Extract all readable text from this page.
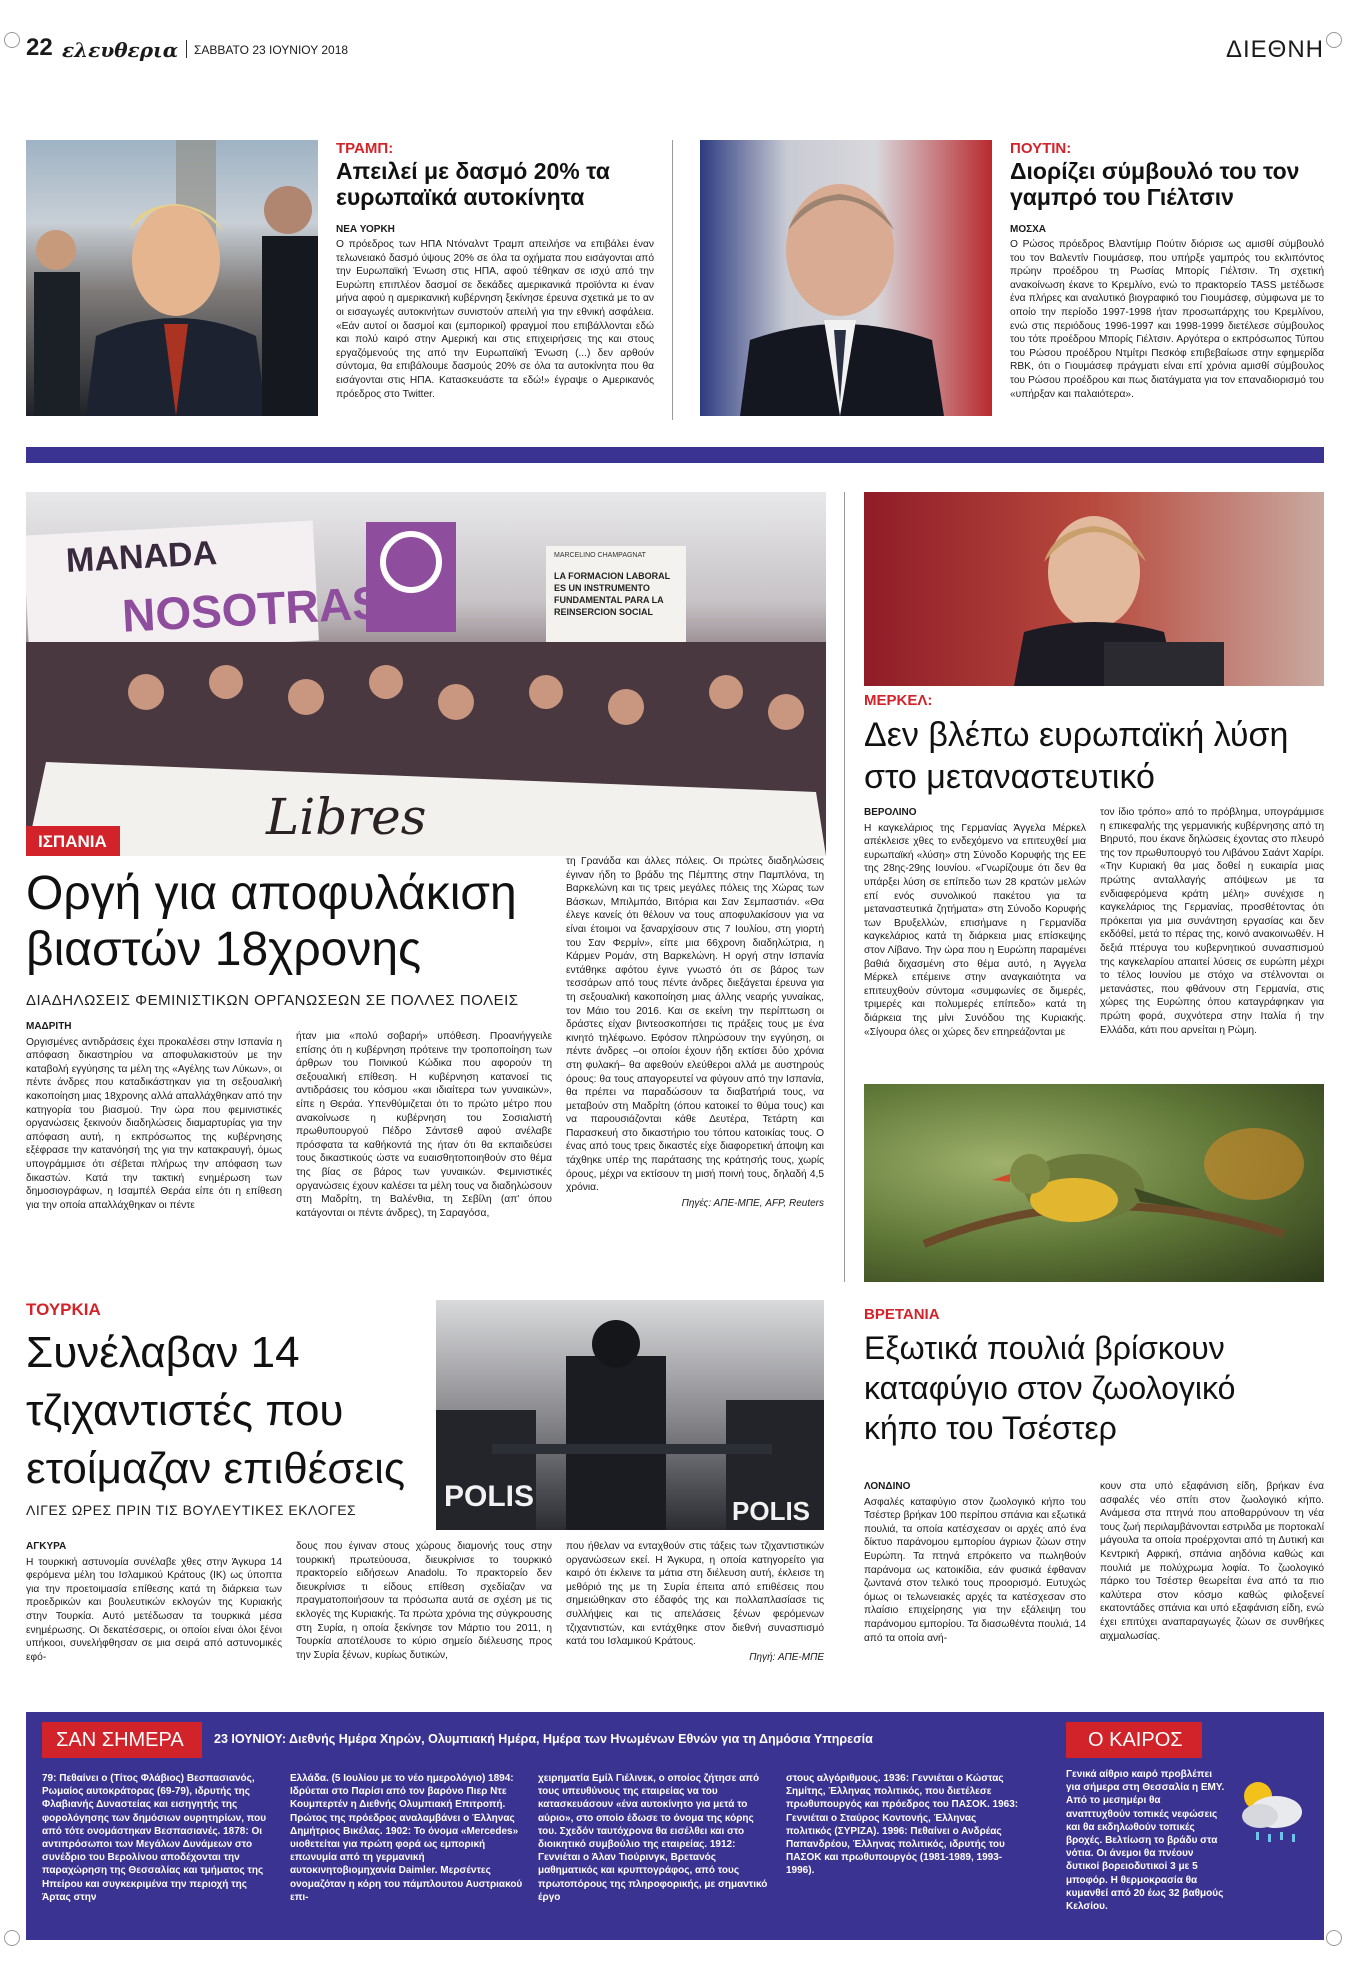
22 ελευθερια ΣΑΒΒΑΤΟ 23 ΙΟΥΝΙΟΥ 2018	ΔΙΕΘΝΗ
ΤΡΑΜΠ:
Απειλεί με δασμό 20% τα ευρωπαϊκά αυτοκίνητα
ΝΕΑ ΥΟΡΚΗ

Ο πρόεδρος των ΗΠΑ Ντόναλντ Τραμπ απειλήσε να επιβάλει έναν τελωνειακό δασμό ύψους 20% σε όλα τα οχήματα που εισάγονται από την Ευρωπαϊκή Ένωση στις ΗΠΑ, αφού τέθηκαν σε ισχύ από την Ευρώπη επιπλέον δασμοί σε δεκάδες αμερικανικά προϊόντα κι έναν μήνα αφού η αμερικανική κυβέρνηση ξεκίνησε έρευνα σχετικά με το αν οι εισαγωγές αυτοκινήτων συνιστούν απειλή για την εθνική ασφάλεια. «Εάν αυτοί οι δασμοί και (εμπορικοί) φραγμοί που επιβάλλονται εδώ και πολύ καιρό στην Αμερική και στις επιχειρήσεις της και στους εργαζόμενούς της από την Ευρωπαϊκή Ένωση (...) δεν αρθούν σύντομα, θα επιβάλουμε δασμούς 20% σε όλα τα αυτοκίνητα που θα εισάγονται στις ΗΠΑ. Κατασκευάστε τα εδώ!» έγραψε ο Αμερικανός πρόεδρος στο Twitter.

ΠΟΥΤΙΝ:
Διορίζει σύμβουλό του τον γαμπρό του Γιέλτσιν
ΜΟΣΧΑ

Ο Ρώσος πρόεδρος Βλαντίμιρ Πούτιν διόρισε ως αμισθί σύμβουλό του τον Βαλεντίν Γιουμάσεφ, που υπήρξε γαμπρός του εκλιπόντος πρώην προέδρου τη Ρωσίας Μπορίς Γιέλτσιν. Τη σχετική ανακοίνωση έκανε το Κρεμλίνο, ενώ το πρακτορείο TASS μετέδωσε ένα πλήρες και αναλυτικό βιογραφικό του Γιουμάσεφ, σύμφωνα με το οποίο την περίοδο 1997-1998 ήταν προσωπάρχης του Κρεμλίνου, ενώ στις περιόδους 1996-1997 και 1998-1999 διετέλεσε σύμβουλος του τότε προέδρου Μπορίς Γιέλτσιν. Αργότερα ο εκπρόσωπος Τύπου του Ρώσου προέδρου Ντμίτρι Πεσκόφ επιβεβαίωσε στην εφημερίδα RBK, ότι ο Γιουμάσεφ πράγματι είναι επί χρόνια αμισθί σύμβουλος του Ρώσου προέδρου και πως διατάγματα για τον επαναδιορισμό του «υπήρξαν και παλαιότερα».

MANADA
NOSOTRAS
MARCELINO CHAMPAGNAT
LA FORMACION LABORAL ES UN INSTRUMENTO FUNDAMENTAL PARA LA REINSERCION SOCIAL
Libres
ΙΣΠΑΝΙΑ
Οργή για αποφυλάκιση βιαστών 18χρονης
ΔΙΑΔΗΛΩΣΕΙΣ ΦΕΜΙΝΙΣΤΙΚΩΝ ΟΡΓΑΝΩΣΕΩΝ ΣΕ ΠΟΛΛΕΣ ΠΟΛΕΙΣ
ΜΑΔΡΙΤΗ

Οργισμένες αντιδράσεις έχει προκαλέσει στην Ισπανία η απόφαση δικαστηρίου να αποφυλακιστούν με την καταβολή εγγύησης τα μέλη της «Αγέλης των Λύκων», οι πέντε άνδρες που καταδικάστηκαν για τη σεξουαλική κακοποίηση μιας 18χρονης αλλά απαλλάχθηκαν από την κατηγορία του βιασμού. Την ώρα που φεμινιστικές οργανώσεις ξεκινούν διαδηλώσεις διαμαρτυρίας για την απόφαση αυτή, η εκπρόσωπος της κυβέρνησης εξέφρασε την κατανόησή της για την κατακραυγή, όμως υπογράμμισε ότι σέβεται πλήρως την απόφαση των δικαστών. Κατά την τακτική ενημέρωση των δημοσιογράφων, η Ισαμπέλ Θεράα είπε ότι η επίθεση για την οποία απαλλάχθηκαν οι πέντε

ήταν μια «πολύ σοβαρή» υπόθεση. Προανήγγειλε επίσης ότι η κυβέρνηση πρότεινε την τροποποίηση των άρθρων του Ποινικού Κώδικα που αφορούν τη σεξουαλική επίθεση. Η κυβέρνηση κατανοεί τις αντιδράσεις του κόσμου «και ιδιαίτερα των γυναικών», είπε η Θεράα. Υπενθύμιζεται ότι το πρώτο μέτρο που ανακοίνωσε η κυβέρνηση του Σοσιαλιστή πρωθυπουργού Πέδρο Σάντσεθ αφού ανέλαβε πρόσφατα τα καθήκοντά της ήταν ότι θα εκπαιδεύσει τους δικαστικούς ώστε να ευαισθητοποιηθούν στο θέμα της βίας σε βάρος των γυναικών. Φεμινιστικές οργανώσεις έχουν καλέσει τα μέλη τους να διαδηλώσουν στη Μαδρίτη, τη Βαλένθια, τη Σεβίλη (απ' όπου κατάγονται οι πέντε άνδρες), τη Σαραγόσα,

τη Γρανάδα και άλλες πόλεις. Οι πρώτες διαδηλώσεις έγιναν ήδη το βράδυ της Πέμπτης στην Παμπλόνα, τη Βαρκελώνη και τις τρεις μεγάλες πόλεις της Χώρας των Βάσκων, Μπιλμπάο, Βιτόρια και Σαν Σεμπαστιάν. «Θα έλεγε κανείς ότι θέλουν να τους αποφυλακίσουν για να είναι έτοιμοι να ξαναρχίσουν στις 7 Ιουλίου, στη γιορτή του Σαν Φερμίν», είπε μια 66χρονη διαδηλώτρια, η Κάρμεν Ρομάν, στη Βαρκελώνη. Η οργή στην Ισπανία εντάθηκε αφότου έγινε γνωστό ότι σε βάρος των τεσσάρων από τους πέντε άνδρες διεξάγεται έρευνα για τη σεξουαλική κακοποίηση μιας άλλης νεαρής γυναίκας, τον Μάιο του 2016. Και σε εκείνη την περίπτωση οι δράστες είχαν βιντεοσκοπήσει τις πράξεις τους με ένα κινητό τηλέφωνο. Εφόσον πληρώσουν την εγγύηση, οι πέντε άνδρες –οι οποίοι έχουν ήδη εκτίσει δύο χρόνια στη φυλακή– θα αφεθούν ελεύθεροι αλλά με αυστηρούς όρους: θα τους απαγορευτεί να φύγουν από την Ισπανία, θα πρέπει να παραδώσουν τα διαβατήριά τους, να μεταβούν στη Μαδρίτη (όπου κατοικεί το θύμα τους) και να παρουσιάζονται κάθε Δευτέρα, Τετάρτη και Παρασκευή στο δικαστήριο του τόπου κατοικίας τους. Ο ένας από τους τρεις δικαστές είχε διαφορετική άποψη και τάχθηκε υπέρ της παράτασης της κράτησής τους, χωρίς όρους, μέχρι να εκτίσουν τη μισή ποινή τους, δηλαδή 4,5 χρόνια.

Πηγές: ΑΠΕ-ΜΠΕ, AFP, Reuters
ΜΕΡΚΕΛ:
Δεν βλέπω ευρωπαϊκή λύση στο μεταναστευτικό
ΒΕΡΟΛΙΝΟ

Η καγκελάριος της Γερμανίας Άγγελα Μέρκελ απέκλεισε χθες το ενδεχόμενο να επιτευχθεί μια ευρωπαϊκή «λύση» στη Σύνοδο Κορυφής της ΕΕ της 28ης-29ης Ιουνίου. «Γνωρίζουμε ότι δεν θα υπάρξει λύση σε επίπεδο των 28 κρατών μελών επί ενός συνολικού πακέτου για τα μεταναστευτικά ζητήματα» στη Σύνοδο Κορυφής των Βρυξελλών, επισήμανε η Γερμανίδα καγκελάριος κατά τη διάρκεια μιας επίσκεψης στον Λίβανο. Την ώρα που η Ευρώπη παραμένει βαθιά διχασμένη στο θέμα αυτό, η Άγγελα Μέρκελ επέμεινε στην αναγκαιότητα να επιτευχθούν σύντομα «συμφωνίες σε διμερές, τριμερές και πολυμερές επίπεδο» κατά τη διάρκεια της μίνι Συνόδου της Κυριακής. «Σίγουρα όλες οι χώρες δεν επηρεάζονται με

τον ίδιο τρόπο» από το πρόβλημα, υπογράμμισε η επικεφαλής της γερμανικής κυβέρνησης από τη Βηρυτό, που έκανε δηλώσεις έχοντας στο πλευρό της τον πρωθυπουργό του Λιβάνου Σαάντ Χαρίρι. «Την Κυριακή θα μας δοθεί η ευκαιρία μιας πρώτης ανταλλαγής απόψεων με τα ενδιαφερόμενα κράτη μέλη» συνέχισε η καγκελάριος της Γερμανίας, προσθέτοντας ότι πρόκειται για μια συνάντηση εργασίας και δεν εκδόθεί, μετά το πέρας της, κοινό ανακοινωθέν. Η δεξιά πτέρυγα του κυβερνητικού συνασπισμού της καγκελαρίου απαιτεί λύσεις σε ευρώπη μέχρι το τέλος Ιουνίου με στόχο να στέλνονται οι μετανάστες, που φθάνουν στη Γερμανία, στις χώρες της Ευρώπης όπου καταγράφηκαν για πρώτη φορά, συχνότερα στην Ιταλία ή την Ελλάδα, κάτι που αρνείται η Ρώμη.

ΤΟΥΡΚΙΑ
Συνέλαβαν 14 τζιχαντιστές που ετοίμαζαν επιθέσεις
ΛΙΓΕΣ ΩΡΕΣ ΠΡΙΝ ΤΙΣ ΒΟΥΛΕΥΤΙΚΕΣ ΕΚΛΟΓΕΣ	POLIS	POLIS
ΑΓΚΥΡΑ

Η τουρκική αστυνομία συνέλαβε χθες στην Άγκυρα 14 φερόμενα μέλη του Ισλαμικού Κράτους (ΙΚ) ως ύποπτα για την προετοιμασία επίθεσης κατά τη διάρκεια των προεδρικών και βουλευτικών εκλογών της Κυριακής στην Τουρκία. Αυτό μετέδωσαν τα τουρκικά μέσα ενημέρωσης. Οι δεκατέσσερις, οι οποίοι είναι όλοι ξένοι υπήκοοι, συνελήφθησαν σε μια σειρά από αστυνομικές εφό-

δους που έγιναν στους χώρους διαμονής τους στην τουρκική πρωτεύουσα, διευκρίνισε το τουρκικό πρακτορείο ειδήσεων Anadolu. Το πρακτορείο δεν διευκρίνισε τι είδους επίθεση σχεδίαζαν να πραγματοποιήσουν τα πρόσωπα αυτά σε σχέση με τις εκλογές της Κυριακής. Τα πρώτα χρόνια της σύγκρουσης στη Συρία, η οποία ξεκίνησε τον Μάρτιο του 2011, η Τουρκία αποτέλουσε το κύριο σημείο διέλευσης προς την Συρία ξένων, κυρίως δυτικών,

που ήθελαν να ενταχθούν στις τάξεις των τζιχαντιστικών οργανώσεων εκεί. Η Άγκυρα, η οποία κατηγορείτο για καιρό ότι έκλεινε τα μάτια στη διέλευση αυτή, έκλεισε τη μεθόριό της με τη Συρία έπειτα από επιθέσεις που σημειώθηκαν στο έδαφός της και πολλαπλασίασε τις συλλήψεις και τις απελάσεις ξένων φερόμενων τζιχαντιστών, και εντάχθηκε στον διεθνή συνασπισμό κατά του Ισλαμικού Κράτους.

Πηγή: ΑΠΕ-ΜΠΕ
ΒΡΕΤΑΝΙΑ
Εξωτικά πουλιά βρίσκουν καταφύγιο στον ζωολογικό κήπο του Τσέστερ
ΛΟΝΔΙΝΟ

Ασφαλές καταφύγιο στον ζωολογικό κήπο του Τσέστερ βρήκαν 100 περίπου σπάνια και εξωτικά πουλιά, τα οποία κατέσχεσαν οι αρχές από ένα δίκτυο παράνομου εμπορίου άγριων ζώων στην Ευρώπη. Τα πτηνά επρόκειτο να πωληθούν παράνομα ως κατοικίδια, εάν φυσικά έφθαναν ζωντανά στον τελικό τους προορισμό. Ευτυχώς όμως οι τελωνειακές αρχές τα κατέσχεσαν στο πλαίσιο επιχείρησης για την εξάλειψη του παράνομου εμπορίου. Τα διασωθέντα πουλιά, 14 από τα οποία ανή-

κουν στα υπό εξαφάνιση είδη, βρήκαν ένα ασφαλές νέο σπίτι στον ζωολογικό κήπο. Ανάμεσα στα πτηνά που αποθαρρύνουν τη νέα τους ζωή περιλαμβάνονται εστριλδα με πορτοκαλί μάγουλα τα οποία προέρχονται από τη Δυτική και Κεντρική Αφρική, σπάνια αηδόνια καθώς και πουλιά με πολύχρωμα λοφία. Το ζωολογικό πάρκο του Τσέστερ θεωρείται ένα από τα πιο καλύτερα στον κόσμο καθώς φιλοξενεί εκατοντάδες σπάνια και υπό εξαφάνιση είδη, ενώ έχει επιτύχει αναπαραγωγές ζώων σε συνθήκες αιχμαλωσίας.

ΣΑΝ ΣΗΜΕΡΑ 23 ΙΟΥΝΙΟΥ: Διεθνής Ημέρα Χηρών, Ολυμπιακή Ημέρα, Ημέρα των Ηνωμένων Εθνών για τη Δημόσια Υπηρεσία	Ο ΚΑΙΡΟΣ
79: Πεθαίνει ο (Τίτος Φλάβιος) Βεσπασιανός, Ρωμαίος αυτοκράτορας (69-79), ιδρυτής της Φλαβιανής Δυναστείας και εισηγητής της φορολόγησης των δημόσιων ουρητηρίων, που από τότε ονομάστηκαν Βεσπασιανές. 1878: Οι αντιπρόσωποι των Μεγάλων Δυνάμεων στο συνέδριο του Βερολίνου αποδέχονται την παραχώρηση της Θεσσαλίας και τμήματος της Ηπείρου και συγκεκριμένα την περιοχή της Άρτας στην
Ελλάδα. (5 Ιουλίου με το νέο ημερολόγιο) 1894: Ιδρύεται στο Παρίσι από τον βαρόνο Πιερ Ντε Κουμπερτέν η Διεθνής Ολυμπιακή Επιτροπή. Πρώτος της πρόεδρος αναλαμβάνει ο Έλληνας Δημήτριος Βικέλας. 1902: Το όνομα «Mercedes» υιοθετείται για πρώτη φορά ως εμπορική επωνυμία από τη γερμανική αυτοκινητοβιομηχανία Daimler. Μερσέντες ονομαζόταν η κόρη του πάμπλουτου Αυστριακού επι-
χειρηματία Εμίλ Γιέλινεκ, ο οποίος ζήτησε από τους υπευθύνους της εταιρείας να του κατασκευάσουν «ένα αυτοκίνητο για μετά το αύριο», στο οποίο έδωσε το όνομα της κόρης του. Σχεδόν ταυτόχρονα θα εισέλθει και στο διοικητικό συμβούλιο της εταιρείας. 1912: Γεννιέται ο Άλαν Τιούρινγκ, Βρετανός μαθηματικός και κρυπτογράφος, από τους πρωτοπόρους της πληροφορικής, με σημαντικό έργο
στους αλγόριθμους. 1936: Γεννιέται ο Κώστας Σημίτης, Έλληνας πολιτικός, που διετέλεσε πρωθυπουργός και πρόεδρος του ΠΑΣΟΚ. 1963: Γεννιέται ο Σταύρος Κοντονής, Έλληνας πολιτικός (ΣΥΡΙΖΑ). 1996: Πεθαίνει ο Ανδρέας Παπανδρέου, Έλληνας πολιτικός, ιδρυτής του ΠΑΣΟΚ και πρωθυπουργός (1981-1989, 1993-1996).
Γενικά αίθριο καιρό προβλέπει για σήμερα στη Θεσσαλία η ΕΜΥ. Από το μεσημέρι θα αναπτυχθούν τοπικές νεφώσεις και θα εκδηλωθούν τοπικές βροχές. Βελτίωση το βράδυ στα νότια. Οι άνεμοι θα πνέουν δυτικοί βορειοδυτικοί 3 με 5 μποφόρ. Η θερμοκρασία θα κυμανθεί από 20 έως 32 βαθμούς Κελσίου.
